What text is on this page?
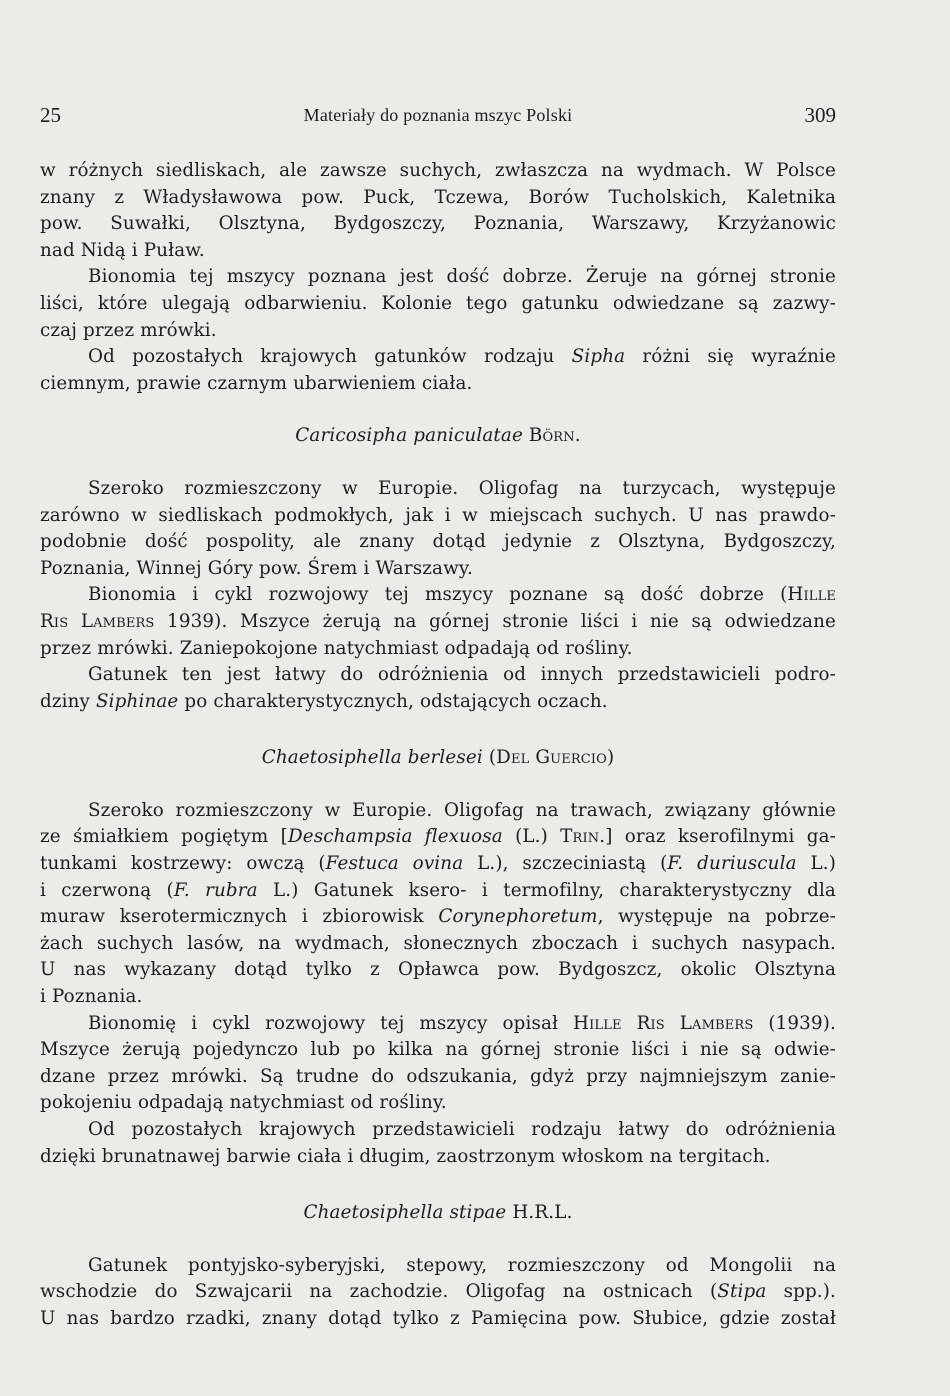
25	Materiały do poznania mszyc Polski	309
w różnych siedliskach, ale zawsze suchych, zwłaszcza na wydmach. W Polsce
znany z Władysławowa pow. Puck, Tczewa, Borów Tucholskich, Kaletnika
pow. Suwałki, Olsztyna, Bydgoszczy, Poznania, Warszawy, Krzyżanowic
nad Nidą i Puław.
Bionomia tej mszycy poznana jest dość dobrze. Żeruje na górnej stronie
liści, które ulegają odbarwieniu. Kolonie tego gatunku odwiedzane są zazwy-
czaj przez mrówki.
Od pozostałych krajowych gatunków rodzaju Sipha różni się wyraźnie
ciemnym, prawie czarnym ubarwieniem ciała.
Caricosipha paniculatae Börn.
Szeroko rozmieszczony w Europie. Oligofag na turzycach, występuje
zarówno w siedliskach podmokłych, jak i w miejscach suchych. U nas prawdo-
podobnie dość pospolity, ale znany dotąd jedynie z Olsztyna, Bydgoszczy,
Poznania, Winnej Góry pow. Śrem i Warszawy.
Bionomia i cykl rozwojowy tej mszycy poznane są dość dobrze (Hille
Ris Lambers 1939). Mszyce żerują na górnej stronie liści i nie są odwiedzane
przez mrówki. Zaniepokojone natychmiast odpadają od rośliny.
Gatunek ten jest łatwy do odróżnienia od innych przedstawicieli podro-
dziny Siphinae po charakterystycznych, odstających oczach.
Chaetosiphella berlesei (Del Guercio)
Szeroko rozmieszczony w Europie. Oligofag na trawach, związany głównie
ze śmiałkiem pogiętym [Deschampsia flexuosa (L.) Trin.] oraz kserofilnymi ga-
tunkami kostrzewy: owczą (Festuca ovina L.), szczeciniastą (F. duriuscula L.)
i czerwoną (F. rubra L.) Gatunek ksero- i termofilny, charakterystyczny dla
muraw kserotermicznych i zbiorowisk Corynephoretum, występuje na pobrze-
żach suchych lasów, na wydmach, słonecznych zboczach i suchych nasypach.
U nas wykazany dotąd tylko z Opławca pow. Bydgoszcz, okolic Olsztyna
i Poznania.
Bionomię i cykl rozwojowy tej mszycy opisał Hille Ris Lambers (1939).
Mszyce żerują pojedynczo lub po kilka na górnej stronie liści i nie są odwie-
dzane przez mrówki. Są trudne do odszukania, gdyż przy najmniejszym zanie-
pokojeniu odpadają natychmiast od rośliny.
Od pozostałych krajowych przedstawicieli rodzaju łatwy do odróżnienia
dzięki brunatnawej barwie ciała i długim, zaostrzonym włoskom na tergitach.
Chaetosiphella stipae H.R.L.
Gatunek pontyjsko-syberyjski, stepowy, rozmieszczony od Mongolii na
wschodzie do Szwajcarii na zachodzie. Oligofag na ostnicach (Stipa spp.).
U nas bardzo rzadki, znany dotąd tylko z Pamięcina pow. Słubice, gdzie został
